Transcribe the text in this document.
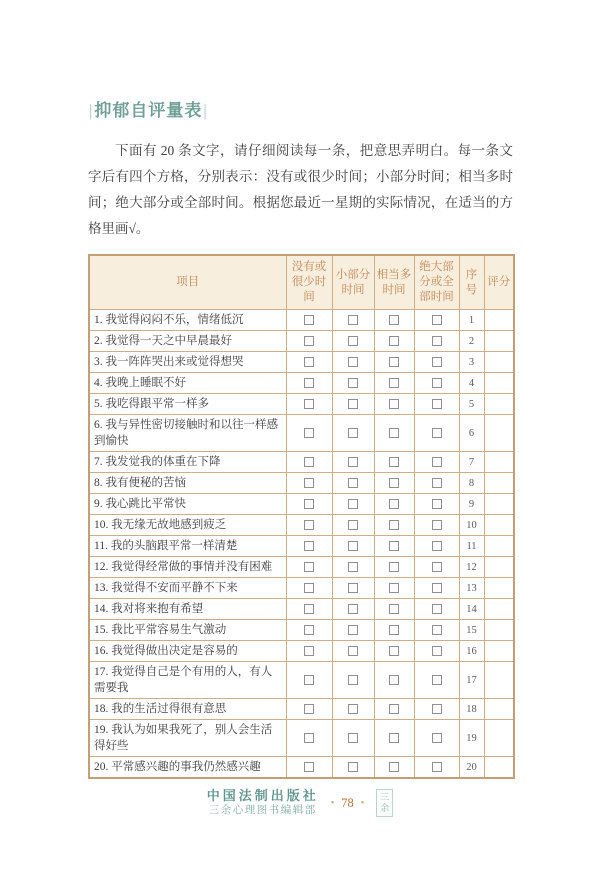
|抑郁自评量表|

下面有 20 条文字，请仔细阅读每一条，把意思弄明白。每一条文字后有四个方格，分别表示：没有或很少时间；小部分时间；相当多时间；绝大部分或全部时间。根据您最近一星期的实际情况，在适当的方格里画√。

项目	没有或很少时间	小部分时间	相当多时间	绝大部分或全部时间	序号	评分
1. 我觉得闷闷不乐，情绪低沉					1	
2. 我觉得一天之中早晨最好					2	
3. 我一阵阵哭出来或觉得想哭					3	
4. 我晚上睡眠不好					4	
5. 我吃得跟平常一样多					5	
6. 我与异性密切接触时和以往一样感到愉快					6	
7. 我发觉我的体重在下降					7	
8. 我有便秘的苦恼					8	
9. 我心跳比平常快					9	
10. 我无缘无故地感到疲乏					10	
11. 我的头脑跟平常一样清楚					11	
12. 我觉得经常做的事情并没有困难					12	
13. 我觉得不安而平静不下来					13	
14. 我对将来抱有希望					14	
15. 我比平常容易生气激动					15	
16. 我觉得做出决定是容易的					16	
17. 我觉得自己是个有用的人，有人需要我					17	
18. 我的生活过得很有意思					18	
19. 我认为如果我死了，别人会生活得好些					19	
20. 平常感兴趣的事我仍然感兴趣					20	
中国法制出版社
三余心理图书编辑部
• 78 •
三
余
